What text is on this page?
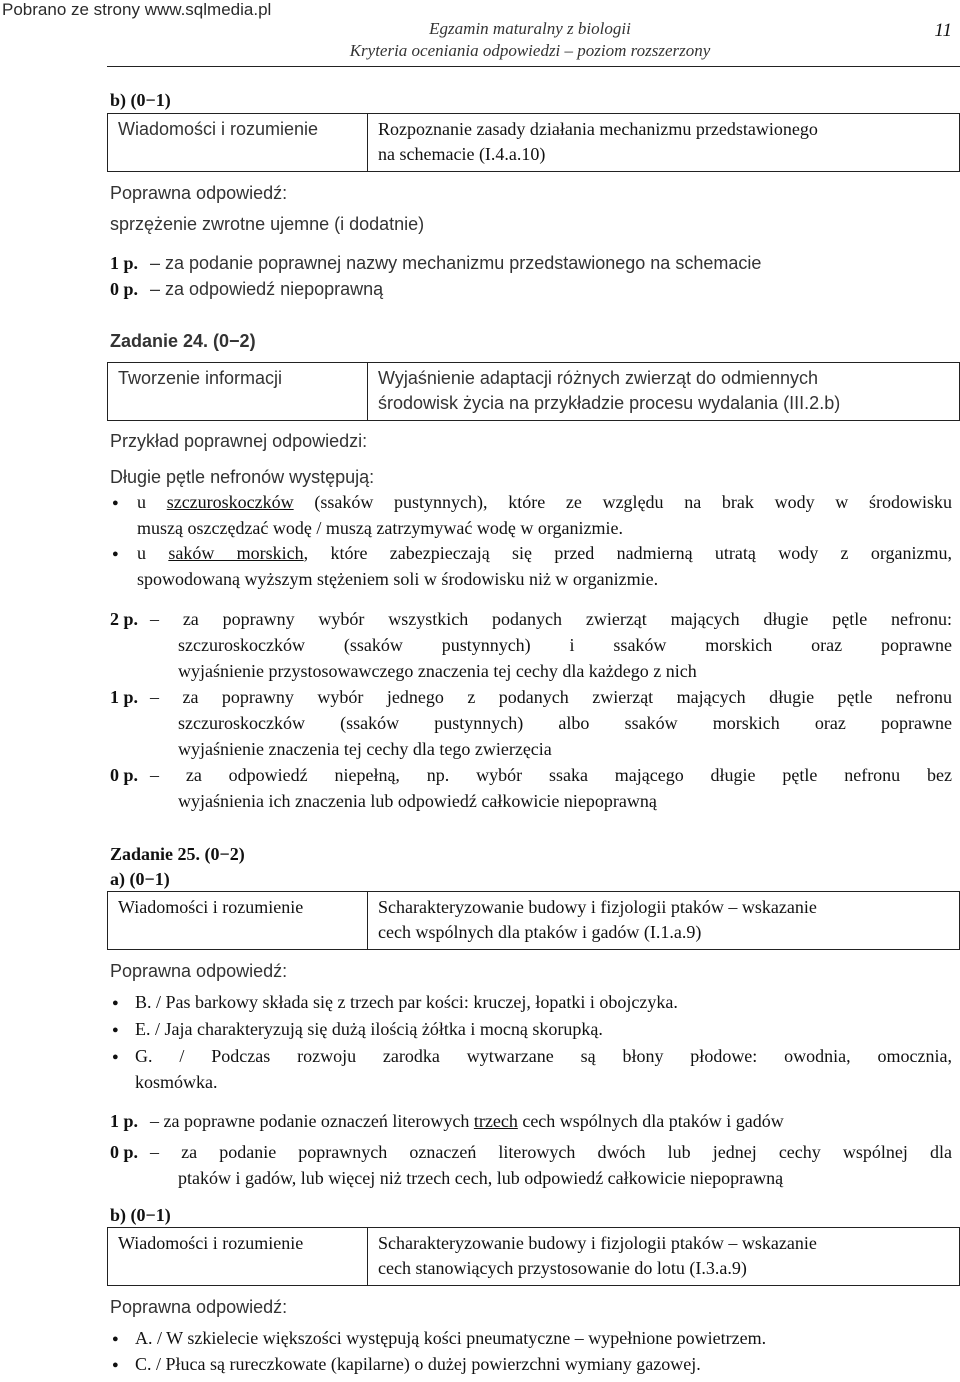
Pobrano ze strony www.sqlmedia.pl
Egzamin maturalny z biologii
Kryteria oceniania odpowiedzi – poziom rozszerzony
11
b) (0−1)
Wiadomości i rozumienie	Rozpoznanie zasady działania mechanizmu przedstawionego
na schemacie (I.4.a.10)
Poprawna odpowiedź:
sprzężenie zwrotne ujemne (i dodatnie)
1 p. – za podanie poprawnej nazwy mechanizmu przedstawionego na schemacie
0 p. – za odpowiedź niepoprawną
Zadanie 24. (0−2)
Tworzenie informacji	Wyjaśnienie adaptacji różnych zwierząt do odmiennych
środowisk życia na przykładzie procesu wydalania (III.2.b)
Przykład poprawnej odpowiedzi:
Długie pętle nefronów występują:
● u szczuroskoczków (ssaków pustynnych), które ze względu na brak wody w środowisku
muszą oszczędzać wodę / muszą zatrzymywać wodę w organizmie.
● u saków morskich, które zabezpieczają się przed nadmierną utratą wody z organizmu,
spowodowaną wyższym stężeniem soli w środowisku niż w organizmie.
2 p. – za poprawny wybór wszystkich podanych zwierząt mających długie pętle nefronu:
szczuroskoczków (ssaków pustynnych) i ssaków morskich oraz poprawne
wyjaśnienie przystosowawczego znaczenia tej cechy dla każdego z nich
1 p. – za poprawny wybór jednego z podanych zwierząt mających długie pętle nefronu
szczuroskoczków (ssaków pustynnych) albo ssaków morskich oraz poprawne
wyjaśnienie znaczenia tej cechy dla tego zwierzęcia
0 p. – za odpowiedź niepełną, np. wybór ssaka mającego długie pętle nefronu bez
wyjaśnienia ich znaczenia lub odpowiedź całkowicie niepoprawną
Zadanie 25. (0−2)
a) (0−1)
Wiadomości i rozumienie	Scharakteryzowanie budowy i fizjologii ptaków – wskazanie
cech wspólnych dla ptaków i gadów (I.1.a.9)
Poprawna odpowiedź:
● B. / Pas barkowy składa się z trzech par kości: kruczej, łopatki i obojczyka.
● E. / Jaja charakteryzują się dużą ilością żółtka i mocną skorupką.
● G. / Podczas rozwoju zarodka wytwarzane są błony płodowe: owodnia, omocznia,
kosmówka.
1 p. – za poprawne podanie oznaczeń literowych trzech cech wspólnych dla ptaków i gadów
0 p. – za podanie poprawnych oznaczeń literowych dwóch lub jednej cechy wspólnej dla
ptaków i gadów, lub więcej niż trzech cech, lub odpowiedź całkowicie niepoprawną
b) (0−1)
Wiadomości i rozumienie	Scharakteryzowanie budowy i fizjologii ptaków – wskazanie
cech stanowiących przystosowanie do lotu (I.3.a.9)
Poprawna odpowiedź:
● A. / W szkielecie większości występują kości pneumatyczne – wypełnione powietrzem.
● C. / Płuca są rureczkowate (kapilarne) o dużej powierzchni wymiany gazowej.
